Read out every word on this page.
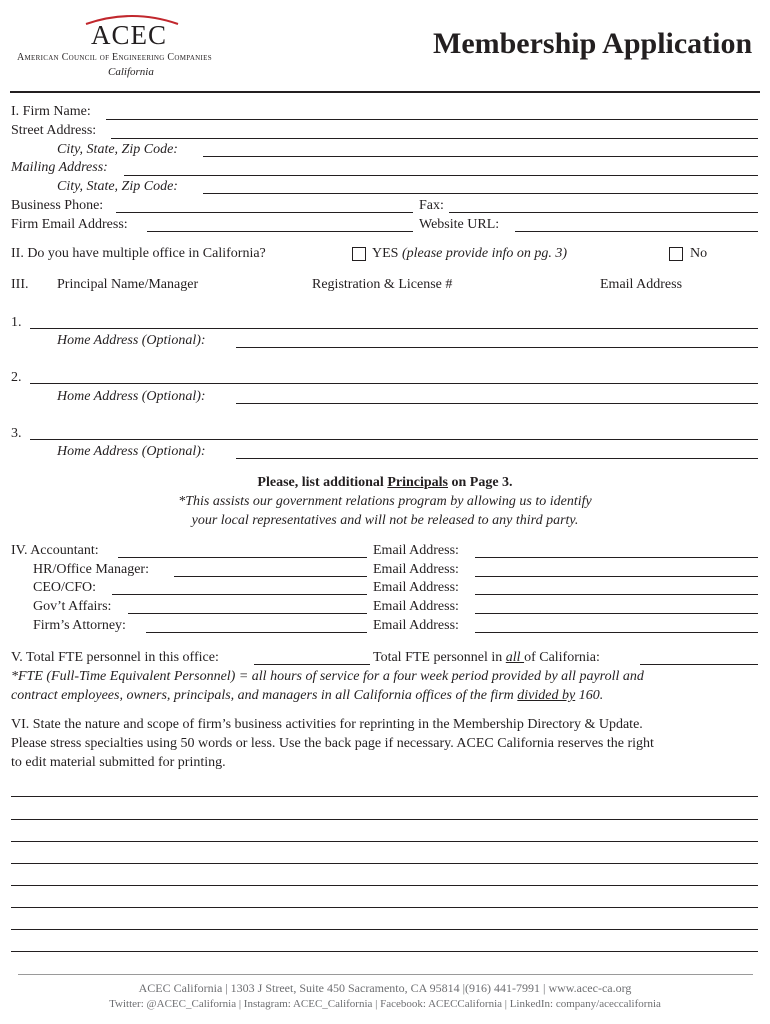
ACEC
American Council of Engineering Companies
California
Membership Application
I. Firm Name:
Street Address:
City, State, Zip Code:
Mailing Address:
City, State, Zip Code:
Business Phone:	Fax:
Firm Email Address:	Website URL:
II. Do you have multiple office in California?	YES (please provide info on pg. 3)	No
III. Principal Name/Manager	Registration & License #	Email Address
1.
Home Address (Optional):
2.
Home Address (Optional):
3.
Home Address (Optional):
Please, list additional Principals on Page 3.
*This assists our government relations program by allowing us to identify
your local representatives and will not be released to any third party.
IV. Accountant:	Email Address:
HR/Office Manager:	Email Address:
CEO/CFO:	Email Address:
Gov’t Affairs:	Email Address:
Firm’s Attorney:	Email Address:
V. Total FTE personnel in this office:	Total FTE personnel in all of California:
*FTE (Full-Time Equivalent Personnel) = all hours of service for a four week period provided by all payroll and
contract employees, owners, principals, and managers in all California offices of the firm divided by 160.
VI. State the nature and scope of firm’s business activities for reprinting in the Membership Directory & Update.
Please stress specialties using 50 words or less. Use the back page if necessary. ACEC California reserves the right
to edit material submitted for printing.
ACEC California | 1303 J Street, Suite 450 Sacramento, CA 95814 |(916) 441-7991 | www.acec-ca.org
Twitter: @ACEC_California | Instagram: ACEC_California | Facebook: ACECCalifornia | LinkedIn: company/aceccalifornia
